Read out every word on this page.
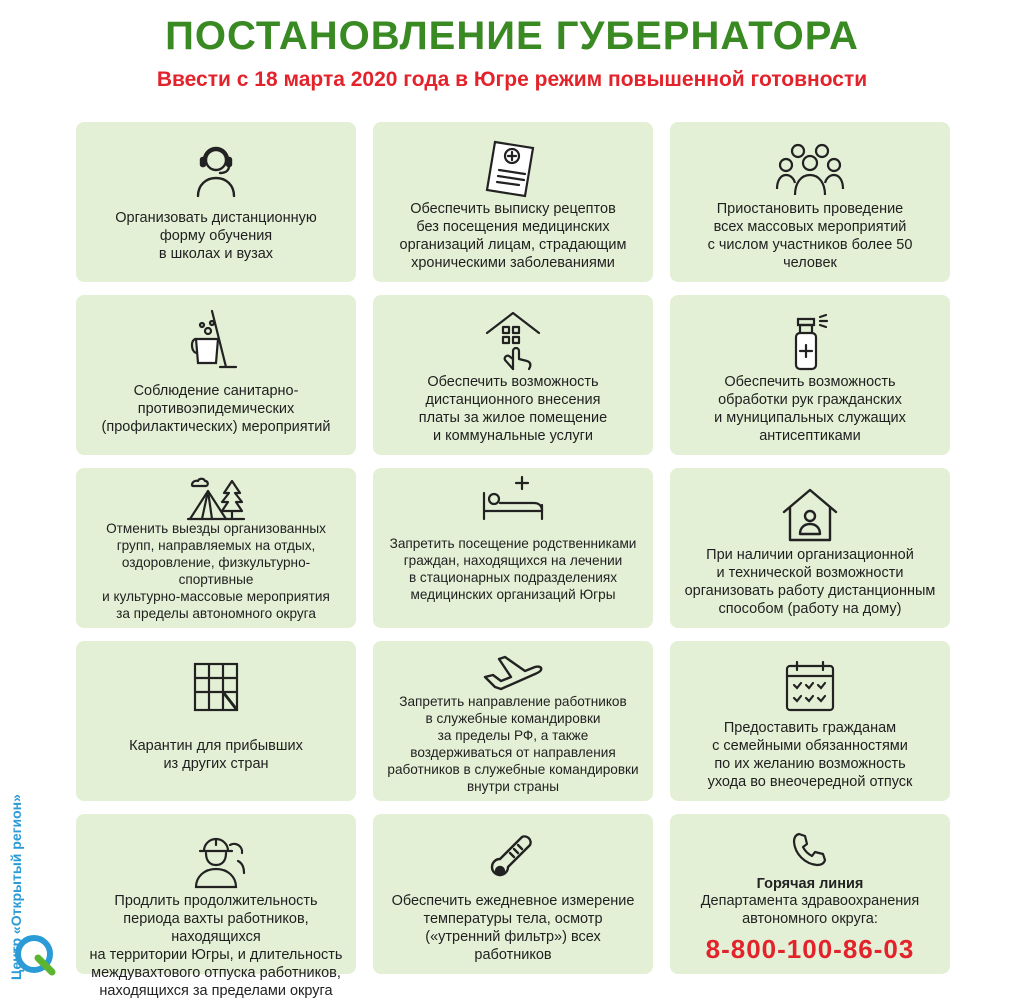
ПОСТАНОВЛЕНИЕ ГУБЕРНАТОРА
Ввести с 18 марта 2020 года в Югре режим повышенной готовности
Организовать дистанционную
форму обучения
в школах и вузах
Обеспечить выписку рецептов
без посещения медицинских
организаций лицам, страдающим
хроническими заболеваниями
Приостановить проведение
всех массовых мероприятий
с числом участников более 50 человек
Соблюдение санитарно-
противоэпидемических
(профилактических) мероприятий
Обеспечить возможность
дистанционного внесения
платы за жилое помещение
и коммунальные услуги
Обеспечить возможность
обработки рук гражданских
и муниципальных служащих
антисептиками
Отменить выезды организованных
групп, направляемых на отдых,
оздоровление, физкультурно-спортивные
и культурно-массовые мероприятия
за пределы автономного округа
Запретить посещение родственниками
граждан, находящихся на лечении
в стационарных подразделениях
медицинских организаций Югры
При наличии организационной
и технической возможности
организовать работу дистанционным
способом (работу на дому)
Карантин для прибывших
из других стран
Запретить направление работников
в служебные командировки
за пределы РФ, а также
воздерживаться от направления
работников в служебные командировки
внутри страны
Предоставить гражданам
с семейными обязанностями
по их желанию возможность
ухода во внеочередной отпуск
Продлить продолжительность
периода вахты работников, находящихся
на территории Югры, и длительность
междувахтового отпуска работников,
находящихся за пределами округа
Обеспечить ежедневное измерение
температуры тела, осмотр
(«утренний фильтр») всех работников
Горячая линия
Департамента здравоохранения
автономного округа:
8-800-100-86-03
Центр «Открытый регион»
